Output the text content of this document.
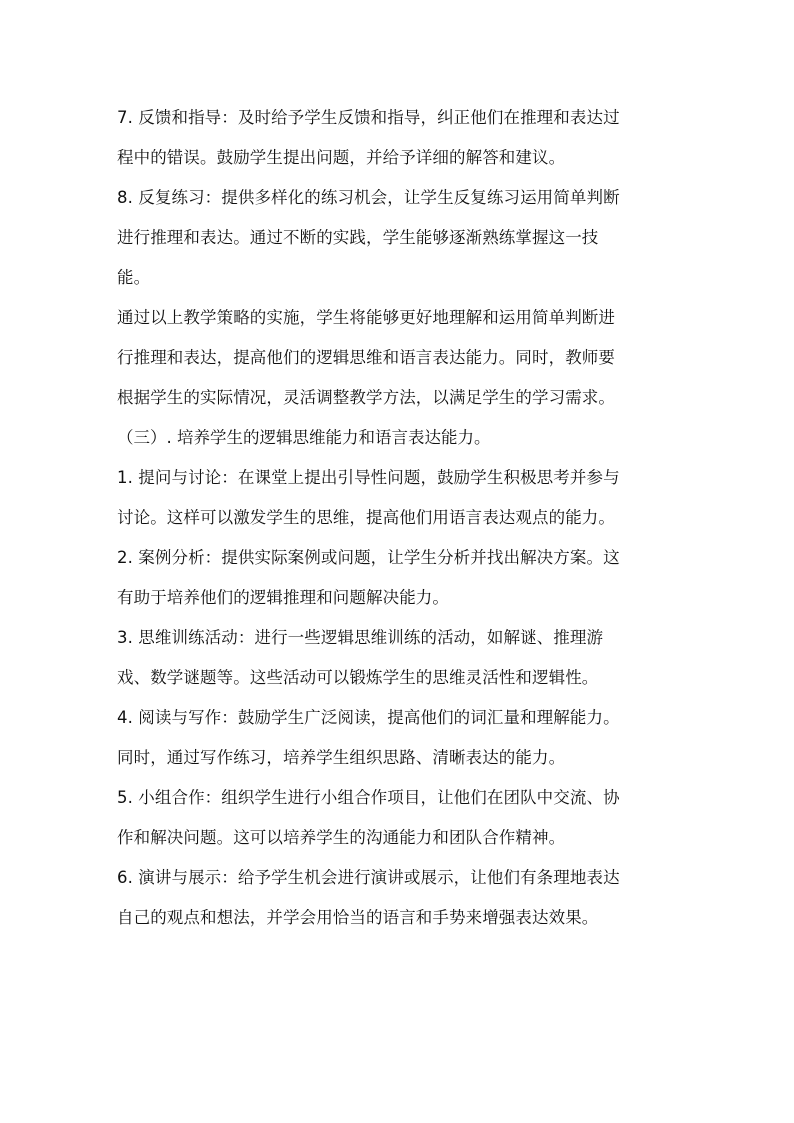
7. 反馈和指导：及时给予学生反馈和指导，纠正他们在推理和表达过
程中的错误。鼓励学生提出问题，并给予详细的解答和建议。

8. 反复练习：提供多样化的练习机会，让学生反复练习运用简单判断
进行推理和表达。通过不断的实践，学生能够逐渐熟练掌握这一技
能。

通过以上教学策略的实施，学生将能够更好地理解和运用简单判断进
行推理和表达，提高他们的逻辑思维和语言表达能力。同时，教师要
根据学生的实际情况，灵活调整教学方法，以满足学生的学习需求。

（三）. 培养学生的逻辑思维能力和语言表达能力。

1. 提问与讨论：在课堂上提出引导性问题，鼓励学生积极思考并参与
讨论。这样可以激发学生的思维，提高他们用语言表达观点的能力。

2. 案例分析：提供实际案例或问题，让学生分析并找出解决方案。这
有助于培养他们的逻辑推理和问题解决能力。

3. 思维训练活动：进行一些逻辑思维训练的活动，如解谜、推理游
戏、数学谜题等。这些活动可以锻炼学生的思维灵活性和逻辑性。

4. 阅读与写作：鼓励学生广泛阅读，提高他们的词汇量和理解能力。
同时，通过写作练习，培养学生组织思路、清晰表达的能力。

5. 小组合作：组织学生进行小组合作项目，让他们在团队中交流、协
作和解决问题。这可以培养学生的沟通能力和团队合作精神。

6. 演讲与展示：给予学生机会进行演讲或展示，让他们有条理地表达
自己的观点和想法，并学会用恰当的语言和手势来增强表达效果。
